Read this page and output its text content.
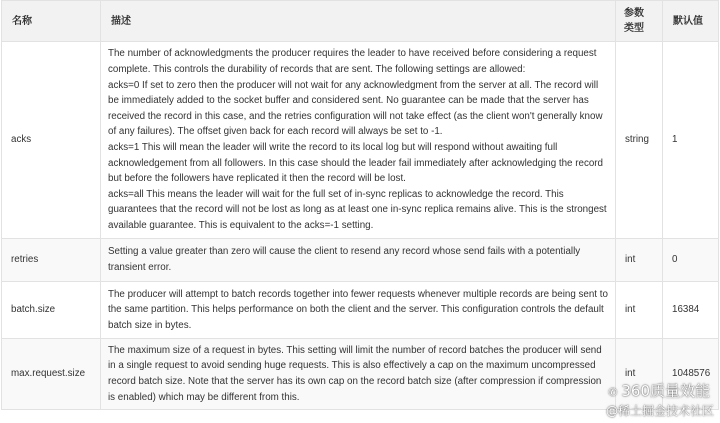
名称	描述	参数类型	默认值
acks	The number of acknowledgments the producer requires the leader to have received before considering a request complete. This controls the durability of records that are sent. The following settings are allowed:
acks=0 If set to zero then the producer will not wait for any acknowledgment from the server at all. The record will be immediately added to the socket buffer and considered sent. No guarantee can be made that the server has received the record in this case, and the retries configuration will not take effect (as the client won't generally know of any failures). The offset given back for each record will always be set to -1.
acks=1 This will mean the leader will write the record to its local log but will respond without awaiting full acknowledgement from all followers. In this case should the leader fail immediately after acknowledging the record but before the followers have replicated it then the record will be lost.
acks=all This means the leader will wait for the full set of in-sync replicas to acknowledge the record. This guarantees that the record will not be lost as long as at least one in-sync replica remains alive. This is the strongest available guarantee. This is equivalent to the acks=-1 setting.	string	1
retries	Setting a value greater than zero will cause the client to resend any record whose send fails with a potentially transient error.	int	0
batch.size	The producer will attempt to batch records together into fewer requests whenever multiple records are being sent to the same partition. This helps performance on both the client and the server. This configuration controls the default batch size in bytes.	int	16384
max.request.size	The maximum size of a request in bytes. This setting will limit the number of record batches the producer will send in a single request to avoid sending huge requests. This is also effectively a cap on the maximum uncompressed record batch size. Note that the server has its own cap on the record batch size (after compression if compression is enabled) which may be different from this.	int	1048576
✆ 360质量效能
@稀土掘金技术社区
